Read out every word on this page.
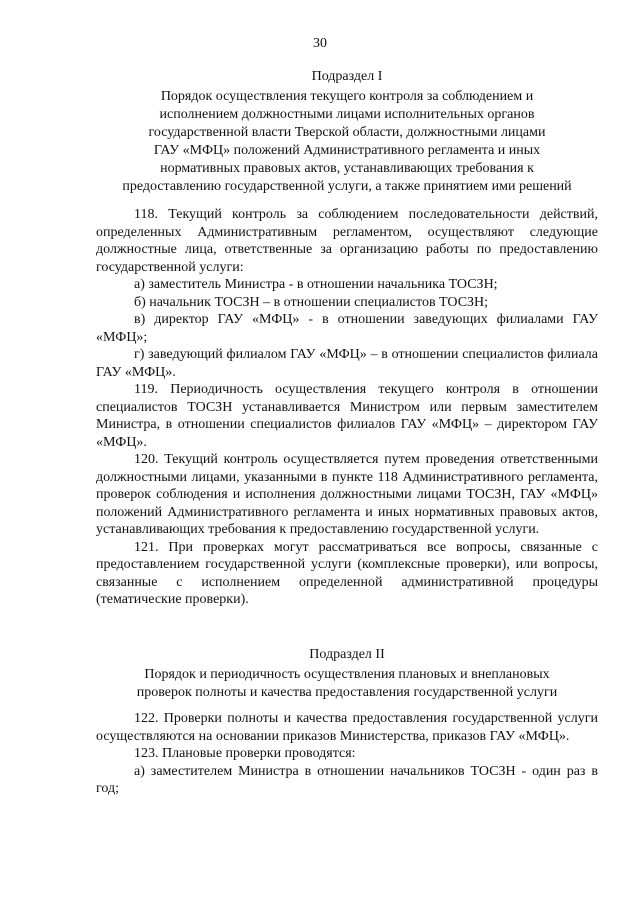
30
Подраздел I
Порядок осуществления текущего контроля за соблюдением и
исполнением должностными лицами исполнительных органов
государственной власти Тверской области, должностными лицами
ГАУ «МФЦ» положений Административного регламента и иных
нормативных правовых актов, устанавливающих требования к
предоставлению государственной услуги, а также принятием ими решений

118. Текущий контроль за соблюдением последовательности действий, определенных Административным регламентом, осуществляют следующие должностные лица, ответственные за организацию работы по предоставлению государственной услуги:

а) заместитель Министра - в отношении начальника ТОСЗН;

б) начальник ТОСЗН – в отношении специалистов ТОСЗН;

в) директор ГАУ «МФЦ» - в отношении заведующих филиалами ГАУ «МФЦ»;

г) заведующий филиалом ГАУ «МФЦ» – в отношении специалистов филиала ГАУ «МФЦ».

119. Периодичность осуществления текущего контроля в отношении специалистов ТОСЗН устанавливается Министром или первым заместителем Министра, в отношении специалистов филиалов ГАУ «МФЦ» – директором ГАУ «МФЦ».

120. Текущий контроль осуществляется путем проведения ответственными должностными лицами, указанными в пункте 118 Административного регламента, проверок соблюдения и исполнения должностными лицами ТОСЗН, ГАУ «МФЦ» положений Административного регламента и иных нормативных правовых актов, устанавливающих требования к предоставлению государственной услуги.

121. При проверках могут рассматриваться все вопросы, связанные с предоставлением государственной услуги (комплексные проверки), или вопросы, связанные с исполнением определенной административной процедуры (тематические проверки).

Подраздел II
Порядок и периодичность осуществления плановых и внеплановых
проверок полноты и качества предоставления государственной услуги

122. Проверки полноты и качества предоставления государственной услуги осуществляются на основании приказов Министерства, приказов ГАУ «МФЦ».

123. Плановые проверки проводятся:

а) заместителем Министра в отношении начальников ТОСЗН - один раз в год;
